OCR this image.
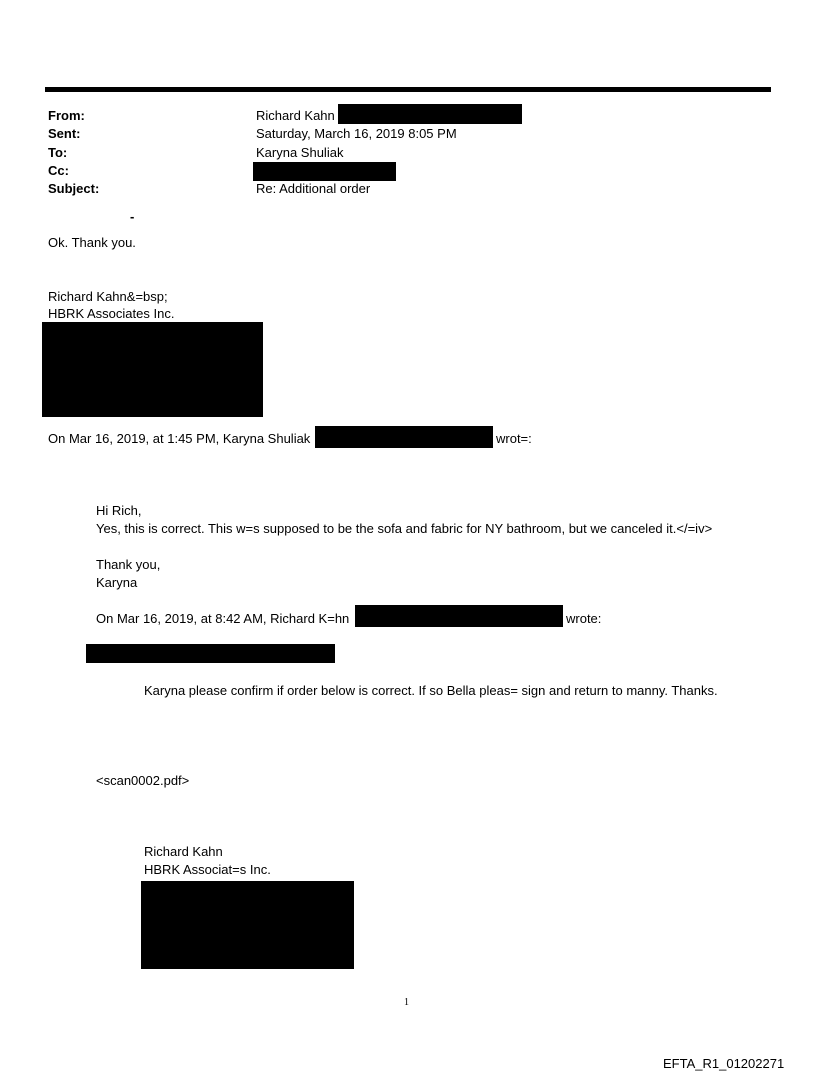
From:
Sent:
To:
Cc:
Subject:
Richard Kahn
Saturday, March 16, 2019 8:05 PM
Karyna Shuliak
Re: Additional order
-
Ok. Thank you.
Richard Kahn&=bsp;
HBRK Associates Inc.
On Mar 16, 2019, at 1:45 PM, Karyna Shuliak	wrot=:
Hi Rich,
Yes, this is correct. This w=s supposed to be the sofa and fabric for NY bathroom, but we canceled it.</=iv>
Thank you,
Karyna
On Mar 16, 2019, at 8:42 AM, Richard K=hn	wrote:
Karyna please confirm if order below is correct. If so Bella pleas= sign and return to manny. Thanks.
<scan0002.pdf>
Richard Kahn
HBRK Associat=s Inc.
1
EFTA_R1_01202271
